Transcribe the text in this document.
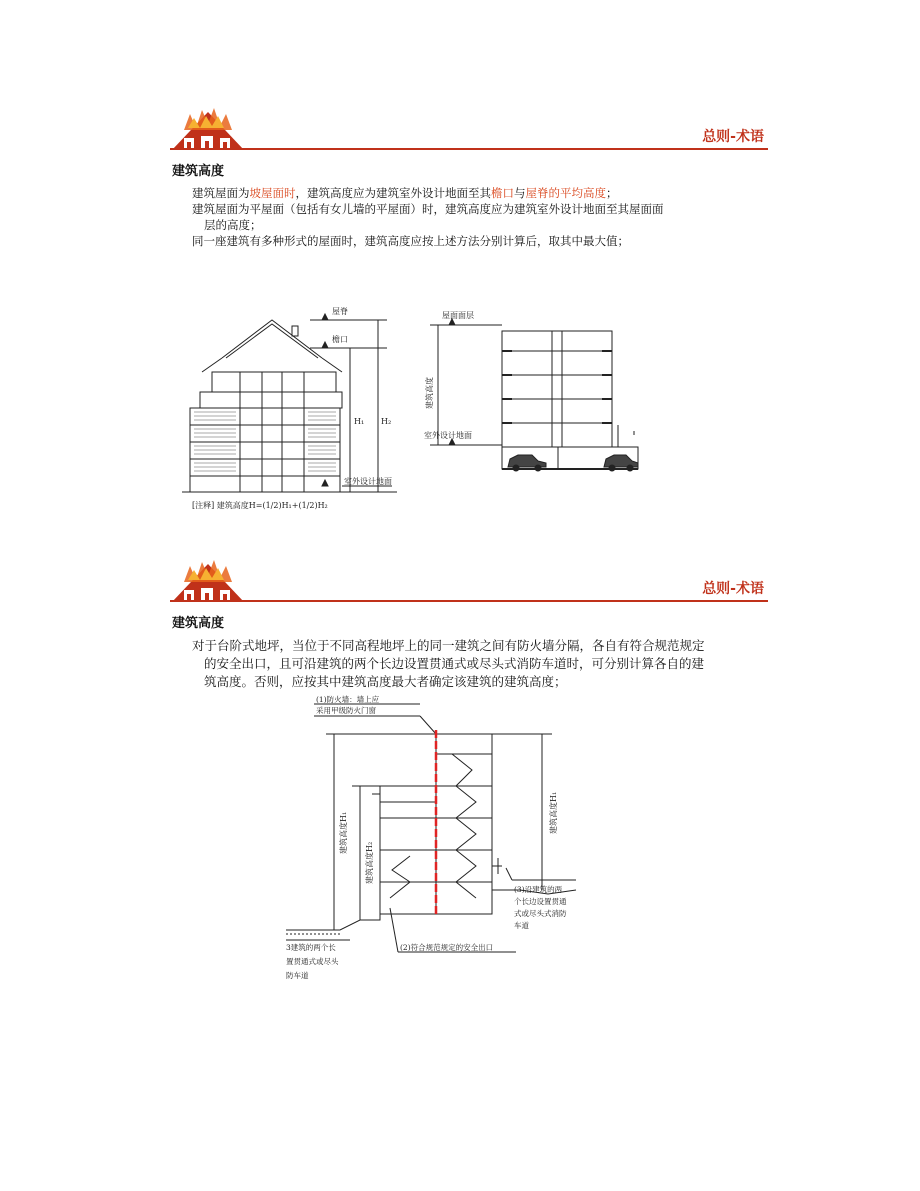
总则-术语
建筑高度
建筑屋面为坡屋面时，建筑高度应为建筑室外设计地面至其檐口与屋脊的平均高度；
建筑屋面为平屋面（包括有女儿墙的平屋面）时，建筑高度应为建筑室外设计地面至其屋面面
层的高度；
同一座建筑有多种形式的屋面时，建筑高度应按上述方法分别计算后，取其中最大值；
屋脊
檐口
室外设计地面
H₁ H₂
[注释] 建筑高度H=(1/2)H₁+(1/2)H₂
屋面面层
室外设计地面
建筑高度
总则-术语
建筑高度
对于台阶式地坪，当位于不同高程地坪上的同一建筑之间有防火墙分隔，各自有符合规范规定
的安全出口，且可沿建筑的两个长边设置贯通式或尽头式消防车道时，可分别计算各自的建
筑高度。否则，应按其中建筑高度最大者确定该建筑的建筑高度；
(1)防火墙：墙上应
采用甲级防火门窗
建筑高度H₁
建筑高度H₂
建筑高度H₁
(3)沿建筑的两
个长边设置贯通
式或尽头式消防
车道
(2)符合规范规定的安全出口
3建筑的两个长
置贯通式或尽头
防车道
